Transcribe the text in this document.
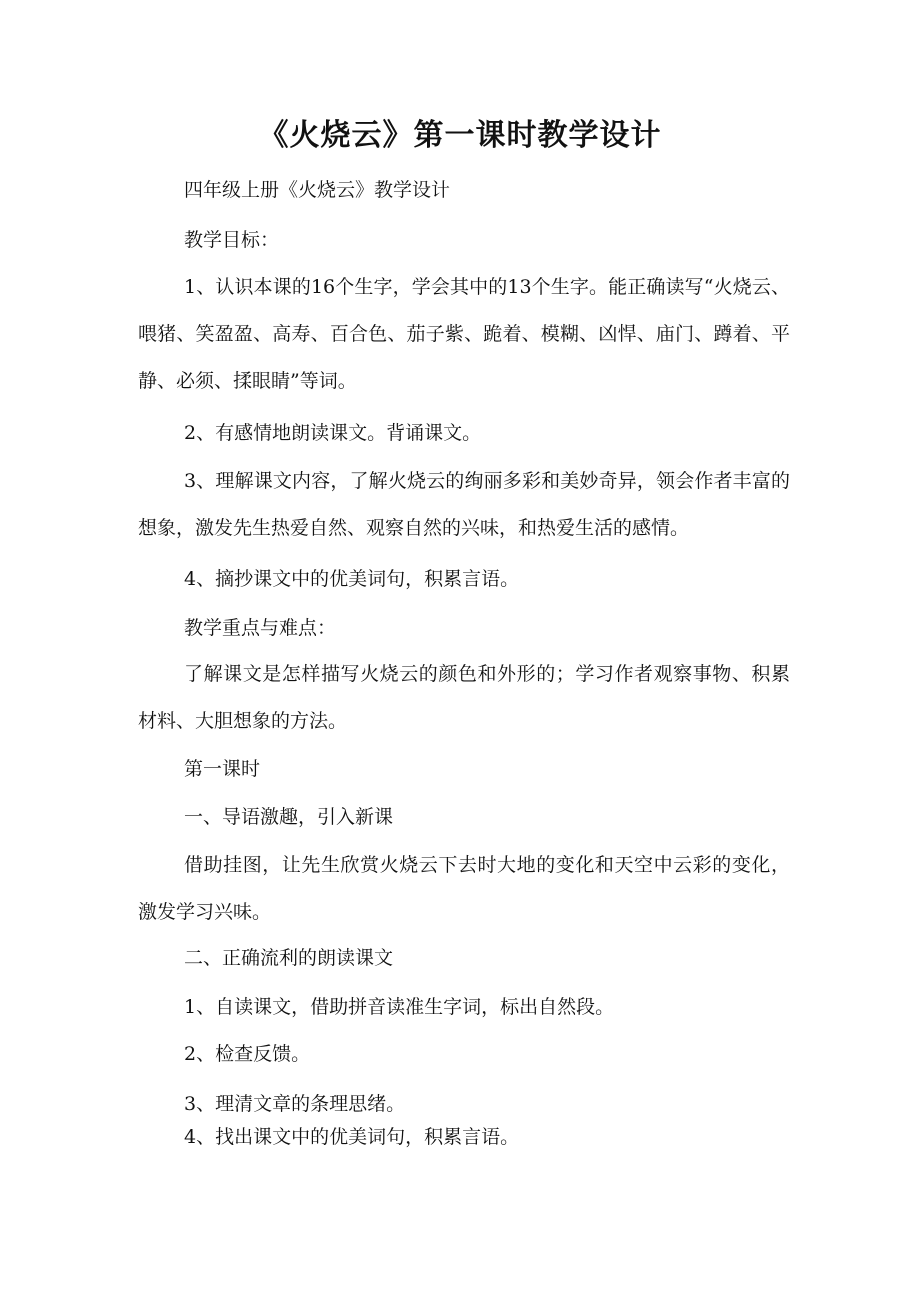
《火烧云》第一课时教学设计

四年级上册《火烧云》教学设计

教学目标：

1、认识本课的16个生字，学会其中的13个生字。能正确读写“火烧云、喂猪、笑盈盈、高寿、百合色、茄子紫、跪着、模糊、凶悍、庙门、蹲着、平静、必须、揉眼睛”等词。

2、有感情地朗读课文。背诵课文。

3、理解课文内容，了解火烧云的绚丽多彩和美妙奇异，领会作者丰富的想象，激发先生热爱自然、观察自然的兴味，和热爱生活的感情。

4、摘抄课文中的优美词句，积累言语。

教学重点与难点：

了解课文是怎样描写火烧云的颜色和外形的；学习作者观察事物、积累材料、大胆想象的方法。

第一课时

一、导语激趣，引入新课

借助挂图，让先生欣赏火烧云下去时大地的变化和天空中云彩的变化，激发学习兴味。

二、正确流利的朗读课文

1、自读课文，借助拼音读准生字词，标出自然段。

2、检查反馈。

3、理清文章的条理思绪。

4、找出课文中的优美词句，积累言语。
